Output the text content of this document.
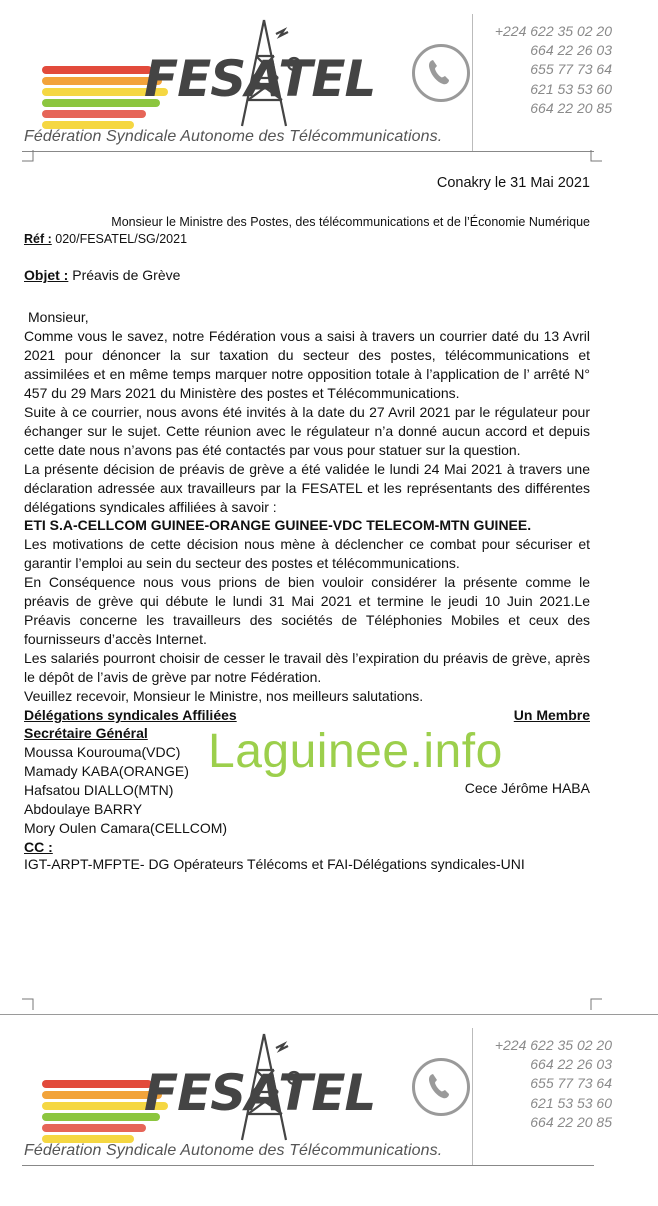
FESATEL
+224 622 35 02 20
664 22 26 03
655 77 73 64
621 53 53 60
664 22 20 85
Fédération Syndicale Autonome des Télécommunications.
Conakry le 31 Mai 2021
Monsieur le Ministre des Postes, des télécommunications et de l’Économie Numérique
Réf : 020/FESATEL/SG/2021
Objet : Préavis de Grève
Monsieur,
Comme vous le savez, notre Fédération vous a saisi à travers un courrier daté du 13 Avril 2021 pour dénoncer la sur taxation du secteur des postes, télécommunications et assimilées et en même temps marquer notre opposition totale à l’application de l’ arrêté N° 457 du 29 Mars 2021 du Ministère des postes et Télécommunications.
Suite à ce courrier, nous avons été invités à la date du 27 Avril 2021 par le régulateur pour échanger sur le sujet. Cette réunion avec le régulateur n’a donné aucun accord et depuis cette date nous n’avons pas été contactés par vous pour statuer sur la question.
La présente décision de préavis de grève a été validée le lundi 24 Mai 2021 à travers une déclaration adressée aux travailleurs par la FESATEL et les représentants des différentes délégations syndicales affiliées à savoir :
ETI S.A-CELLCOM GUINEE-ORANGE GUINEE-VDC TELECOM-MTN GUINEE.
Les motivations de cette décision nous mène à déclencher ce combat pour sécuriser et garantir l’emploi au sein du secteur des postes et télécommunications.
En Conséquence nous vous prions de bien vouloir considérer la présente comme le préavis de grève qui débute le lundi 31 Mai 2021 et termine le jeudi 10 Juin 2021.Le Préavis concerne les travailleurs des sociétés de Téléphonies Mobiles et ceux des fournisseurs d’accès Internet.
Les salariés pourront choisir de cesser le travail dès l’expiration du préavis de grève, après le dépôt de l’avis de grève par notre Fédération.
Veuillez recevoir, Monsieur le Ministre, nos meilleurs salutations.
Délégations syndicales Affiliées	Un Membre
Secrétaire Général
Moussa Kourouma(VDC)
Mamady KABA(ORANGE)
Hafsatou DIALLO(MTN)
Abdoulaye BARRY
Mory Oulen Camara(CELLCOM)
Cece Jérôme HABA
CC :
IGT-ARPT-MFPTE- DG Opérateurs Télécoms et FAI-Délégations syndicales-UNI
Laguinee.info
FESATEL
+224 622 35 02 20
664 22 26 03
655 77 73 64
621 53 53 60
664 22 20 85
Fédération Syndicale Autonome des Télécommunications.
